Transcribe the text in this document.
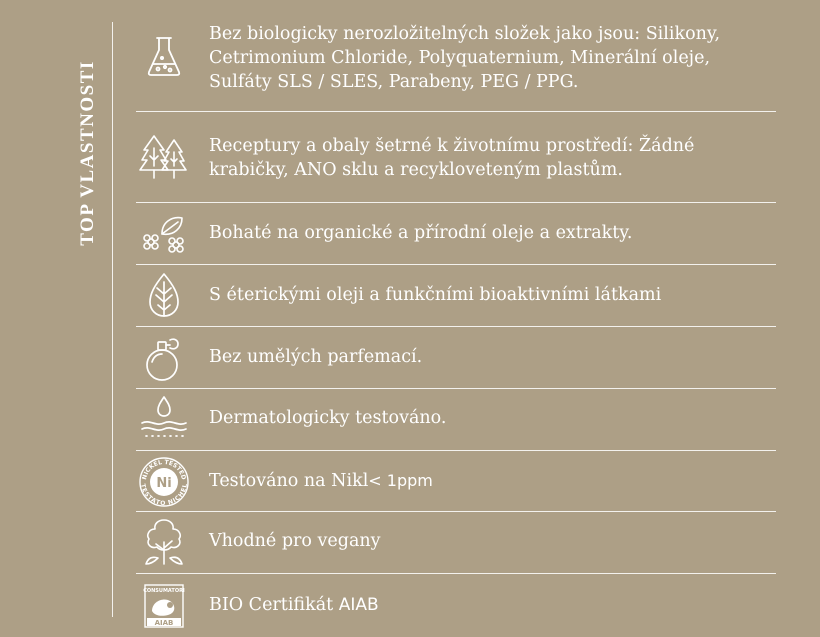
TOP VLASTNOSTI
Bez biologicky nerozložitelných složek jako jsou: Silikony,
Cetrimonium Chloride, Polyquaternium, Minerální oleje,
Sulfáty SLS / SLES, Parabeny, PEG / PPG.
Receptury a obaly šetrné k životnímu prostředí: Žádné
krabičky, ANO sklu a recykloveteným plastům.
Bohaté na organické a přírodní oleje a extrakty.
S éterickými oleji a funkčními bioaktivními látkami
Bez umělých parfemací.
Dermatologicky testováno.
NICKEL TESTED
TESTATO NICHEL
Ni Testováno na Nikl< 1ppm
Vhodné pro vegany
CONSUMATORI
AIAB
BIO Certifikát AIAB
